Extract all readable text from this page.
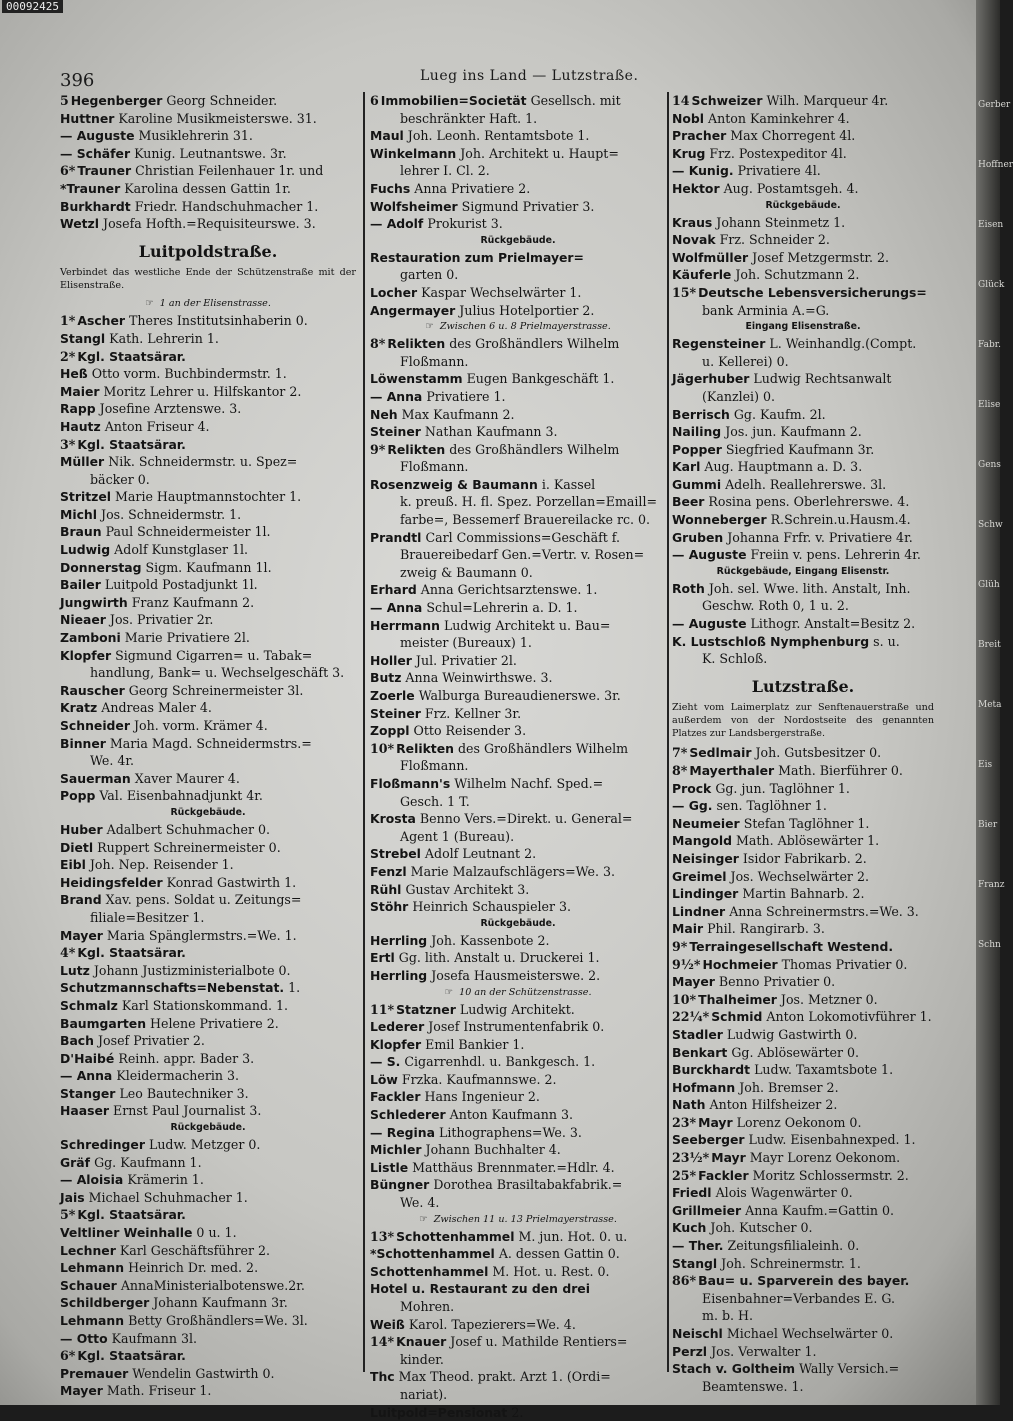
00092425
396	Lueg ins Land — Lutzstraße.
5 Hegenberger Georg Schneider.
Huttner Karoline Musikmeisterswe. 31.
— Auguste Musiklehrerin 31.
— Schäfer Kunig. Leutnantswe. 3r.
6* Trauner Christian Feilenhauer 1r. und
*Trauner Karolina dessen Gattin 1r.
Burkhardt Friedr. Handschuhmacher 1.
Wetzl Josefa Hofth.=Requisiteurswe. 3.
Luitpoldstraße.
Verbindet das westliche Ende der Schützenstraße mit der Elisenstraße.
☞ 1 an der Elisenstrasse.
1* Ascher Theres Institutsinhaberin 0.
Stangl Kath. Lehrerin 1.
2* Kgl. Staatsärar.
Heß Otto vorm. Buchbindermstr. 1.
Maier Moritz Lehrer u. Hilfskantor 2.
Rapp Josefine Arztenswe. 3.
Hautz Anton Friseur 4.
3* Kgl. Staatsärar.
Müller Nik. Schneidermstr. u. Spez=
bäcker 0.
Stritzel Marie Hauptmannstochter 1.
Michl Jos. Schneidermstr. 1.
Braun Paul Schneidermeister 1l.
Ludwig Adolf Kunstglaser 1l.
Donnerstag Sigm. Kaufmann 1l.
Bailer Luitpold Postadjunkt 1l.
Jungwirth Franz Kaufmann 2.
Nieaer Jos. Privatier 2r.
Zamboni Marie Privatiere 2l.
Klopfer Sigmund Cigarren= u. Tabak=
handlung, Bank= u. Wechselgeschäft 3.
Rauscher Georg Schreinermeister 3l.
Kratz Andreas Maler 4.
Schneider Joh. vorm. Krämer 4.
Binner Maria Magd. Schneidermstrs.=
We. 4r.
Sauerman Xaver Maurer 4.
Popp Val. Eisenbahnadjunkt 4r.
Rückgebäude.
Huber Adalbert Schuhmacher 0.
Dietl Ruppert Schreinermeister 0.
Eibl Joh. Nep. Reisender 1.
Heidingsfelder Konrad Gastwirth 1.
Brand Xav. pens. Soldat u. Zeitungs=
filiale=Besitzer 1.
Mayer Maria Spänglermstrs.=We. 1.
4* Kgl. Staatsärar.
Lutz Johann Justizministerialbote 0.
Schutzmannschafts=Nebenstat. 1.
Schmalz Karl Stationskommand. 1.
Baumgarten Helene Privatiere 2.
Bach Josef Privatier 2.
D'Haibé Reinh. appr. Bader 3.
— Anna Kleidermacherin 3.
Stanger Leo Bautechniker 3.
Haaser Ernst Paul Journalist 3.
Rückgebäude.
Schredinger Ludw. Metzger 0.
Gräf Gg. Kaufmann 1.
— Aloisia Krämerin 1.
Jais Michael Schuhmacher 1.
5* Kgl. Staatsärar.
Veltliner Weinhalle 0 u. 1.
Lechner Karl Geschäftsführer 2.
Lehmann Heinrich Dr. med. 2.
Schauer AnnaMinisterialbotenswe.2r.
Schildberger Johann Kaufmann 3r.
Lehmann Betty Großhändlers=We. 3l.
— Otto Kaufmann 3l.
6* Kgl. Staatsärar.
Premauer Wendelin Gastwirth 0.
Mayer Math. Friseur 1.
6 Immobilien=Societät Gesellsch. mit
beschränkter Haft. 1.
Maul Joh. Leonh. Rentamtsbote 1.
Winkelmann Joh. Architekt u. Haupt=
lehrer I. Cl. 2.
Fuchs Anna Privatiere 2.
Wolfsheimer Sigmund Privatier 3.
— Adolf Prokurist 3.
Rückgebäude.
Restauration zum Prielmayer=
garten 0.
Locher Kaspar Wechselwärter 1.
Angermayer Julius Hotelportier 2.
☞ Zwischen 6 u. 8 Prielmayerstrasse.
8* Relikten des Großhändlers Wilhelm
Floßmann.
Löwenstamm Eugen Bankgeschäft 1.
— Anna Privatiere 1.
Neh Max Kaufmann 2.
Steiner Nathan Kaufmann 3.
9* Relikten des Großhändlers Wilhelm
Floßmann.
Rosenzweig & Baumann i. Kassel
k. preuß. H. fl. Spez. Porzellan=Emaill=
farbe=, Bessemerf Brauereilacke rc. 0.
Prandtl Carl Commissions=Geschäft f.
Brauereibedarf Gen.=Vertr. v. Rosen=
zweig & Baumann 0.
Erhard Anna Gerichtsarztenswe. 1.
— Anna Schul=Lehrerin a. D. 1.
Herrmann Ludwig Architekt u. Bau=
meister (Bureaux) 1.
Holler Jul. Privatier 2l.
Butz Anna Weinwirthswe. 3.
Zoerle Walburga Bureaudienerswe. 3r.
Steiner Frz. Kellner 3r.
Zoppl Otto Reisender 3.
10* Relikten des Großhändlers Wilhelm
Floßmann.
Floßmann's Wilhelm Nachf. Sped.=
Gesch. 1 T.
Krosta Benno Vers.=Direkt. u. General=
Agent 1 (Bureau).
Strebel Adolf Leutnant 2.
Fenzl Marie Malzaufschlägers=We. 3.
Rühl Gustav Architekt 3.
Stöhr Heinrich Schauspieler 3.
Rückgebäude.
Herrling Joh. Kassenbote 2.
Ertl Gg. lith. Anstalt u. Druckerei 1.
Herrling Josefa Hausmeisterswe. 2.
☞ 10 an der Schützenstrasse.
11* Statzner Ludwig Architekt.
Lederer Josef Instrumentenfabrik 0.
Klopfer Emil Bankier 1.
— S. Cigarrenhdl. u. Bankgesch. 1.
Löw Frzka. Kaufmannswe. 2.
Fackler Hans Ingenieur 2.
Schlederer Anton Kaufmann 3.
— Regina Lithographens=We. 3.
Michler Johann Buchhalter 4.
Listle Matthäus Brennmater.=Hdlr. 4.
Büngner Dorothea Brasiltabakfabrik.=
We. 4.
☞ Zwischen 11 u. 13 Prielmayerstrasse.
13* Schottenhammel M. jun. Hot. 0. u.
*Schottenhammel A. dessen Gattin 0.
Schottenhammel M. Hot. u. Rest. 0.
Hotel u. Restaurant zu den drei
Mohren.
Weiß Karol. Tapezierers=We. 4.
14* Knauer Josef u. Mathilde Rentiers=
kinder.
Thc Max Theod. prakt. Arzt 1. (Ordi=
nariat).
Luitpold=Pensionat 2.
14 Schweizer Wilh. Marqueur 4r.
Nobl Anton Kaminkehrer 4.
Pracher Max Chorregent 4l.
Krug Frz. Postexpeditor 4l.
— Kunig. Privatiere 4l.
Hektor Aug. Postamtsgeh. 4.
Rückgebäude.
Kraus Johann Steinmetz 1.
Novak Frz. Schneider 2.
Wolfmüller Josef Metzgermstr. 2.
Käuferle Joh. Schutzmann 2.
15* Deutsche Lebensversicherungs=
bank Arminia A.=G.
Eingang Elisenstraße.
Regensteiner L. Weinhandlg.(Compt.
u. Kellerei) 0.
Jägerhuber Ludwig Rechtsanwalt
(Kanzlei) 0.
Berrisch Gg. Kaufm. 2l.
Nailing Jos. jun. Kaufmann 2.
Popper Siegfried Kaufmann 3r.
Karl Aug. Hauptmann a. D. 3.
Gummi Adelh. Reallehrerswe. 3l.
Beer Rosina pens. Oberlehrerswe. 4.
Wonneberger R.Schrein.u.Hausm.4.
Gruben Johanna Frfr. v. Privatiere 4r.
— Auguste Freiin v. pens. Lehrerin 4r.
Rückgebäude, Eingang Elisenstr.
Roth Joh. sel. Wwe. lith. Anstalt, Inh.
Geschw. Roth 0, 1 u. 2.
— Auguste Lithogr. Anstalt=Besitz 2.
K. Lustschloß Nymphenburg s. u.
K. Schloß.
Lutzstraße.
Zieht vom Laimerplatz zur Senftenauerstraße und außerdem von der Nordostseite des genannten Platzes zur Landsbergerstraße.
7* Sedlmair Joh. Gutsbesitzer 0.
8* Mayerthaler Math. Bierführer 0.
Prock Gg. jun. Taglöhner 1.
— Gg. sen. Taglöhner 1.
Neumeier Stefan Taglöhner 1.
Mangold Math. Ablösewärter 1.
Neisinger Isidor Fabrikarb. 2.
Greimel Jos. Wechselwärter 2.
Lindinger Martin Bahnarb. 2.
Lindner Anna Schreinermstrs.=We. 3.
Mair Phil. Rangirarb. 3.
9* Terraingesellschaft Westend.
9½* Hochmeier Thomas Privatier 0.
Mayer Benno Privatier 0.
10* Thalheimer Jos. Metzner 0.
22¼* Schmid Anton Lokomotivführer 1.
Stadler Ludwig Gastwirth 0.
Benkart Gg. Ablösewärter 0.
Burckhardt Ludw. Taxamtsbote 1.
Hofmann Joh. Bremser 2.
Nath Anton Hilfsheizer 2.
23* Mayr Lorenz Oekonom 0.
Seeberger Ludw. Eisenbahnexped. 1.
23½* Mayr Mayr Lorenz Oekonom.
25* Fackler Moritz Schlossermstr. 2.
Friedl Alois Wagenwärter 0.
Grillmeier Anna Kaufm.=Gattin 0.
Kuch Joh. Kutscher 0.
— Ther. Zeitungsfilialeinh. 0.
Stangl Joh. Schreinermstr. 1.
86* Bau= u. Sparverein des bayer.
Eisenbahner=Verbandes E. G.
m. b. H.
Neischl Michael Wechselwärter 0.
Perzl Jos. Verwalter 1.
Stach v. Goltheim Wally Versich.=
Beamtenswe. 1.
Gerber
Hoffner
Eisen
Glück
Fabr.
Elise
Gens
Schw
Glüh
Breit
Meta
Eis
Bier
Franz
Schn
